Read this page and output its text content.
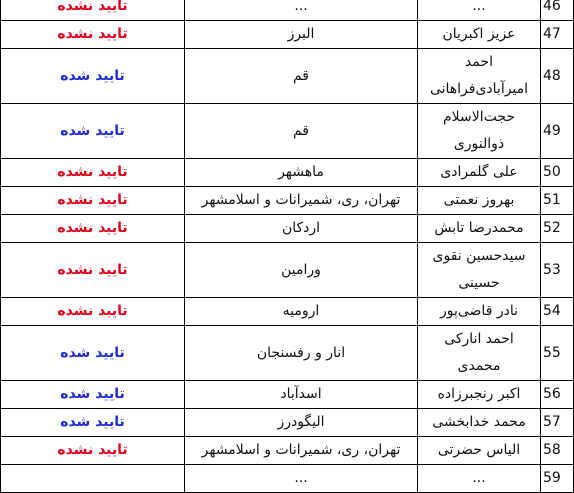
46	...	...	تایید نشده
47	عزیز اکبریان	البرز	تایید نشده
48	احمد امیرآبادی‌فراهانی	قم	تایید شده
49	حجت‌الاسلام ذوالنوری	قم	تایید شده
50	علی گلمرادی	ماهشهر	تایید نشده
51	بهروز نعمتی	تهران، ری، شمیرانات و اسلامشهر	تایید نشده
52	محمدرضا تابش	اردکان	تایید نشده
53	سیدحسین نقوی حسینی	ورامین	تایید نشده
54	نادر قاضی‌پور	ارومیه	تایید نشده
55	احمد انارکی محمدی	انار و رفسنجان	تایید شده
56	اکبر رنجبرزاده	اسدآباد	تایید شده
57	محمد خدابخشی	الیگودرز	تایید شده
58	الیاس حضرتی	تهران، ری، شمیرانات و اسلامشهر	تایید نشده
59	...	...	
